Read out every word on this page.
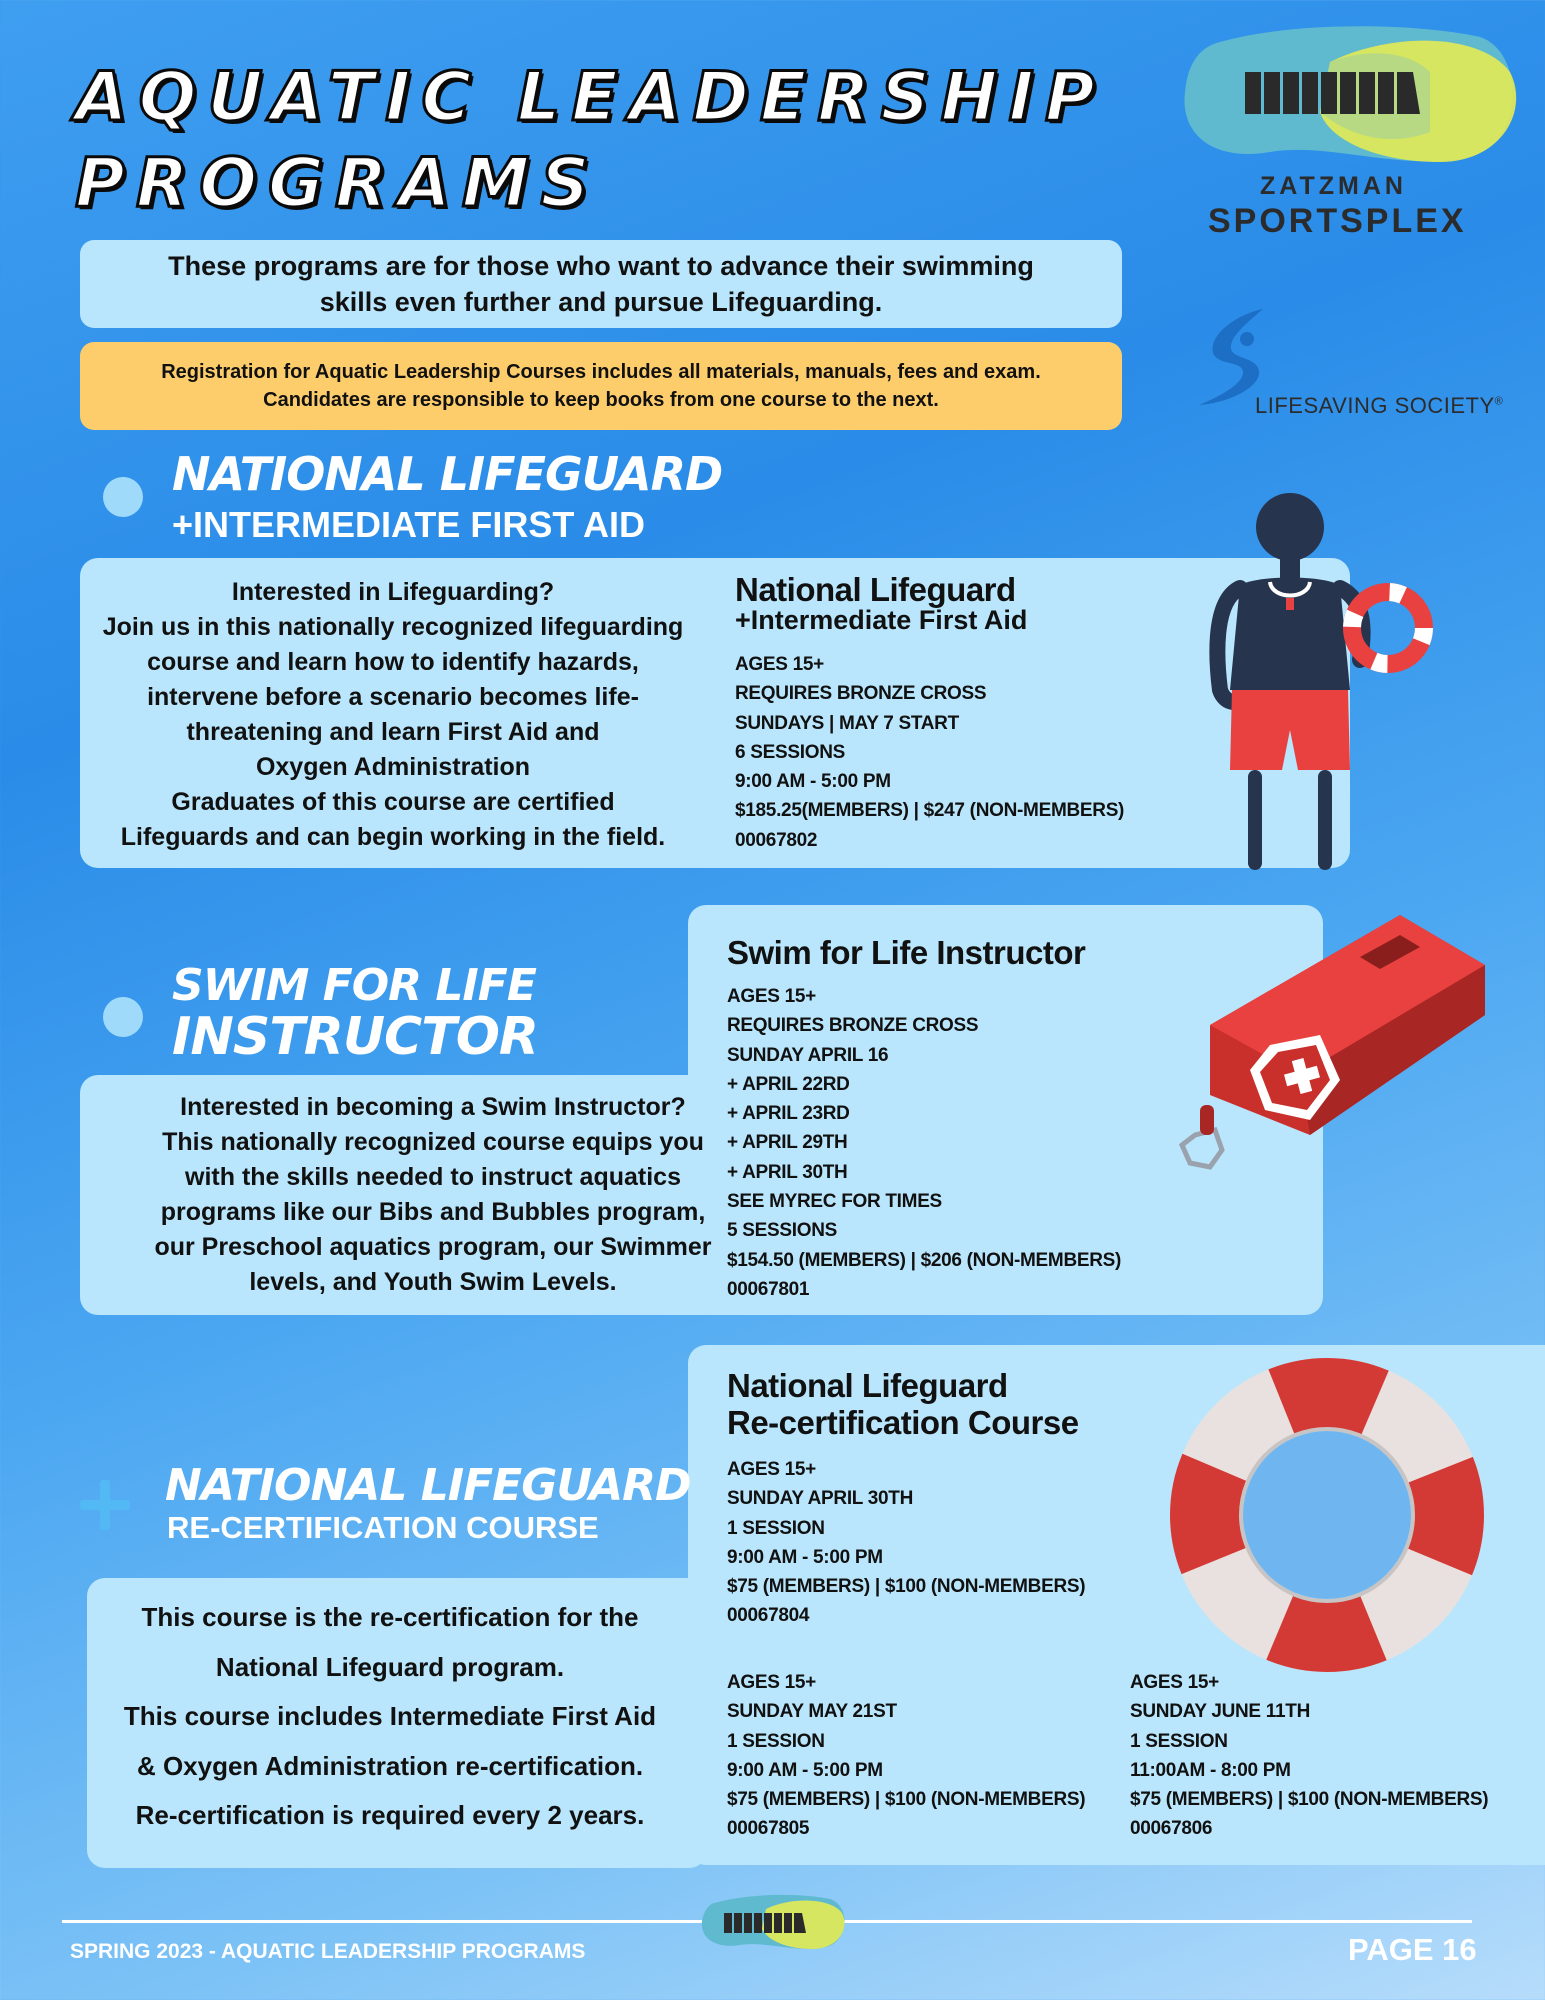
AQUATIC LEADERSHIP
PROGRAMS
These programs are for those who want to advance their swimming
skills even further and pursue Lifeguarding.
Registration for Aquatic Leadership Courses includes all materials, manuals, fees and exam.
Candidates are responsible to keep books from one course to the next.
ZATZMAN
SPORTSPLEX
LIFESAVING SOCIETY®
NATIONAL LIFEGUARD
+INTERMEDIATE FIRST AID
Interested in Lifeguarding?
Join us in this nationally recognized lifeguarding
course and learn how to identify hazards,
intervene before a scenario becomes life-
threatening and learn First Aid and
Oxygen Administration
Graduates of this course are certified
Lifeguards and can begin working in the field.
National Lifeguard
+Intermediate First Aid
AGES 15+
REQUIRES BRONZE CROSS
SUNDAYS | MAY 7 START
6 SESSIONS
9:00 AM - 5:00 PM
$185.25(MEMBERS) | $247 (NON-MEMBERS)
00067802
SWIM FOR LIFE
INSTRUCTOR
Interested in becoming a Swim Instructor?
This nationally recognized course equips you
with the skills needed to instruct aquatics
programs like our Bibs and Bubbles program,
our Preschool aquatics program, our Swimmer
levels, and Youth Swim Levels.
Swim for Life Instructor
AGES 15+
REQUIRES BRONZE CROSS
SUNDAY APRIL 16
+ APRIL 22RD
+ APRIL 23RD
+ APRIL 29TH
+ APRIL 30TH
SEE MYREC FOR TIMES
5 SESSIONS
$154.50 (MEMBERS) | $206 (NON-MEMBERS)
00067801
NATIONAL LIFEGUARD
RE-CERTIFICATION COURSE
This course is the re-certification for the
National Lifeguard program.
This course includes Intermediate First Aid
& Oxygen Administration re-certification.
Re-certification is required every 2 years.
National Lifeguard
Re-certification Course
AGES 15+
SUNDAY APRIL 30TH
1 SESSION
9:00 AM - 5:00 PM
$75 (MEMBERS) | $100 (NON-MEMBERS)
00067804
AGES 15+
SUNDAY MAY 21ST
1 SESSION
9:00 AM - 5:00 PM
$75 (MEMBERS) | $100 (NON-MEMBERS)
00067805
AGES 15+
SUNDAY JUNE 11TH
1 SESSION
11:00AM - 8:00 PM
$75 (MEMBERS) | $100 (NON-MEMBERS)
00067806
SPRING 2023 - AQUATIC LEADERSHIP PROGRAMS	PAGE 16
